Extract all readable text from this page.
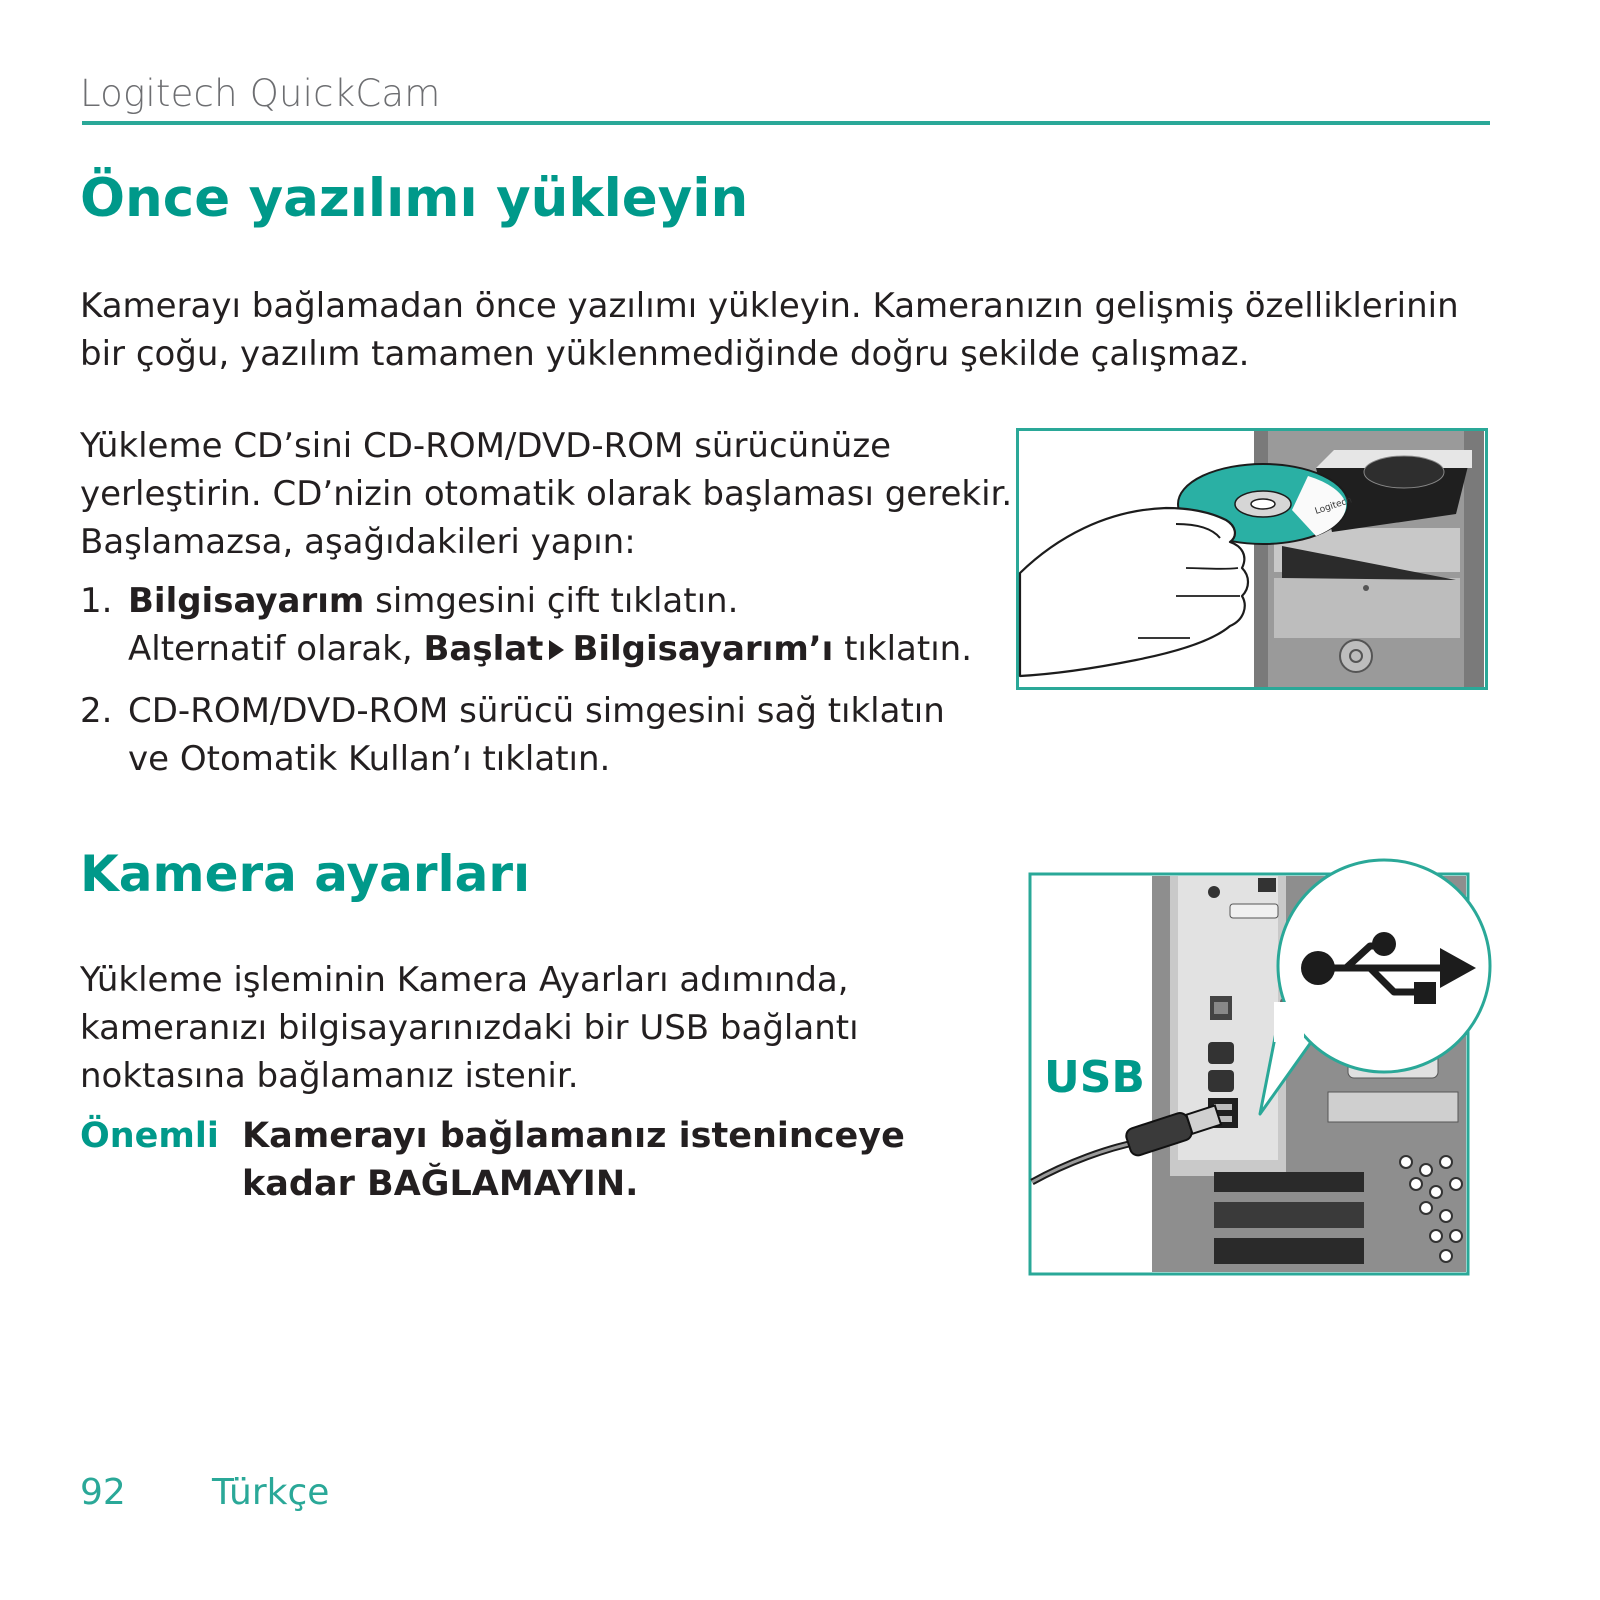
Logitech QuickCam
Önce yazılımı yükleyin
Kamerayı bağlamadan önce yazılımı yükleyin. Kameranızın gelişmiş özelliklerinin
bir çoğu, yazılım tamamen yüklenmediğinde doğru şekilde çalışmaz.
Yükleme CD’sini CD-ROM/DVD-ROM sürücünüze
yerleştirin. CD’nizin otomatik olarak başlaması gerekir.
Başlamazsa, aşağıdakileri yapın:
1. Bilgisayarım simgesini çift tıklatın.
Alternatif olarak, Başlat Bilgisayarım’ı tıklatın.
2. CD-ROM/DVD-ROM sürücü simgesini sağ tıklatın
ve Otomatik Kullan’ı tıklatın.
Logitech
Kamera ayarları
Yükleme işleminin Kamera Ayarları adımında,
kameranızı bilgisayarınızdaki bir USB bağlantı
noktasına bağlamanız istenir.
Önemli Kamerayı bağlamanız isteninceye
kadar BAĞLAMAYIN.
USB
92 Türkçe
